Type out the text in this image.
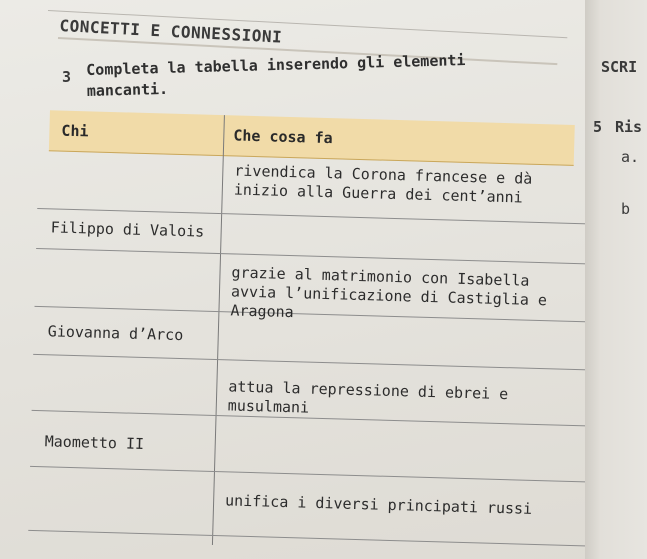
CONCETTI E CONNESSIONI
3 Completa la tabella inserendo gli elementi mancanti.
Chi	Che cosa fa
rivendica la Corona francese e dà inizio alla Guerra dei cent’anni
Filippo di Valois
grazie al matrimonio con Isabella avvia l’unificazione di Castiglia e Aragona
Giovanna d’Arco
attua la repressione di ebrei e musulmani
Maometto II
unifica i diversi principati russi
SCRI
5 Ris
a.
b
